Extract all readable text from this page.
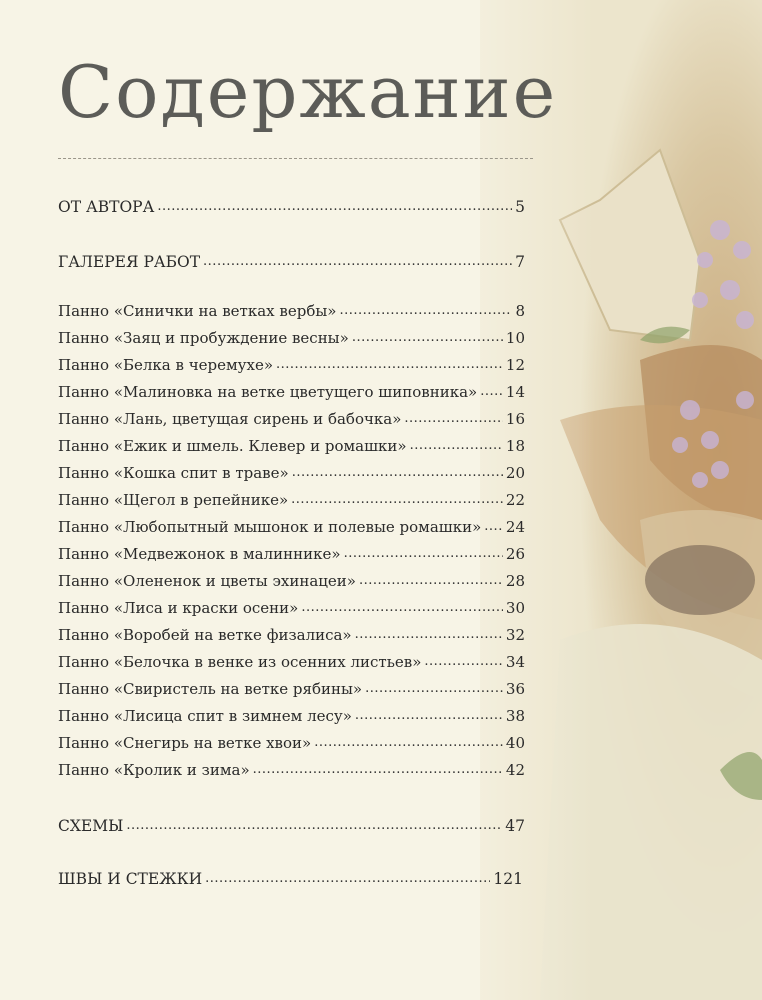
Содержание
ОТ АВТОРА .....	5
ГАЛЕРЕЯ РАБОТ .....	7
Панно «Синички на ветках вербы» .....	8
Панно «Заяц и пробуждение весны» .....	10
Панно «Белка в черемухе» .....	12
Панно «Малиновка на ветке цветущего шиповника» ..... 14
Панно «Лань, цветущая сирень и бабочка» .....	16
Панно «Ежик и шмель. Клевер и ромашки» .....	18
Панно «Кошка спит в траве» .....	20
Панно «Щегол в репейнике» .....	22
Панно «Любопытный мышонок и полевые ромашки» ..... 24
Панно «Медвежонок в малиннике» .....	26
Панно «Олененок и цветы эхинацеи» .....	28
Панно «Лиса и краски осени» .....	30
Панно «Воробей на ветке физалиса» .....	32
Панно «Белочка в венке из осенних листьев» .....	34
Панно «Свиристель на ветке рябины» .....	36
Панно «Лисица спит в зимнем лесу» .....	38
Панно «Снегирь на ветке хвои» .....	40
Панно «Кролик и зима» .....	42
СХЕМЫ .....	47
ШВЫ И СТЕЖКИ .....	121
